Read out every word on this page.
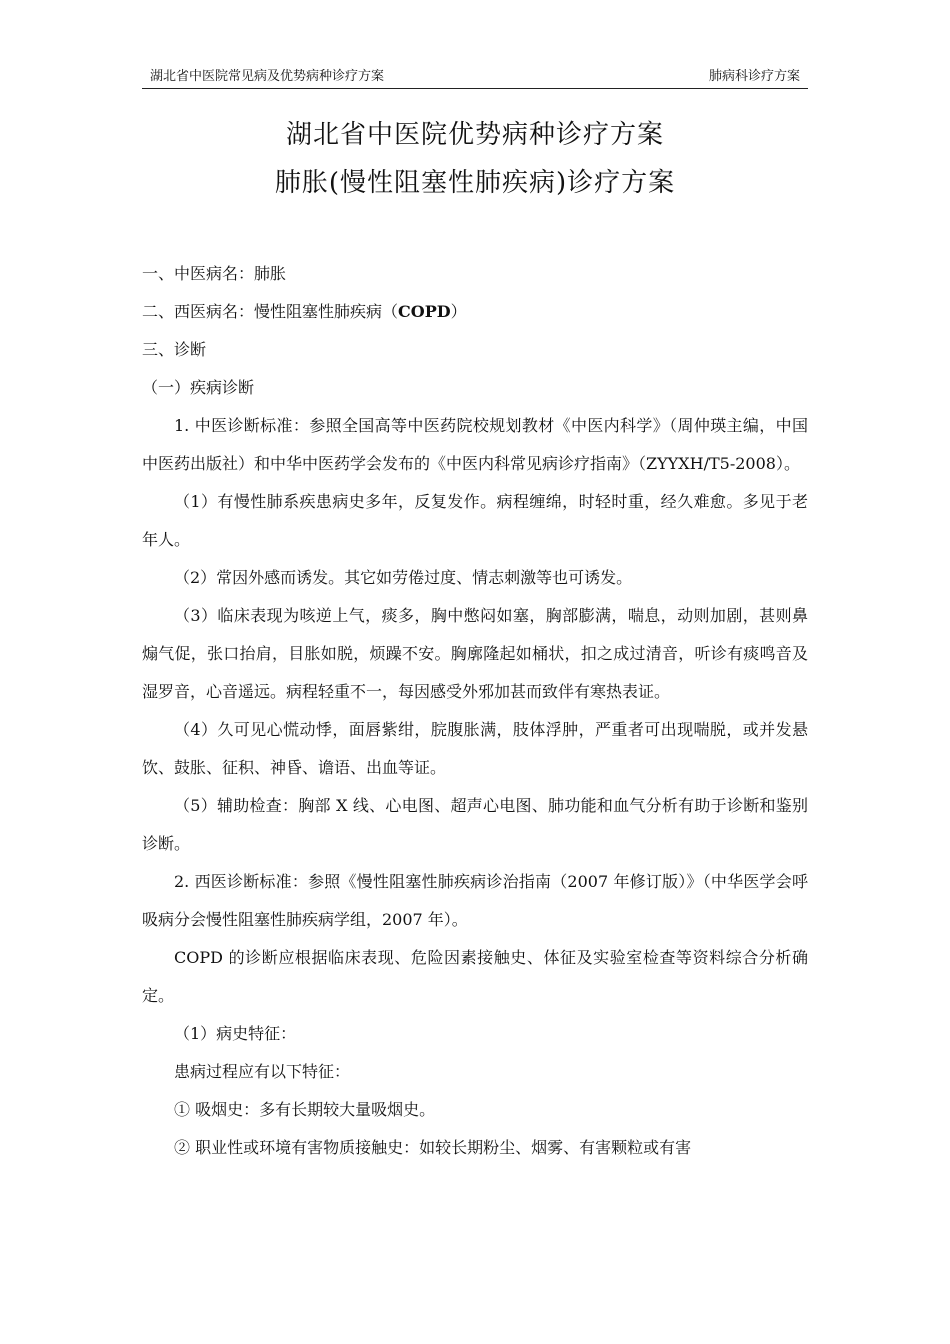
湖北省中医院常见病及优势病种诊疗方案	肺病科诊疗方案
湖北省中医院优势病种诊疗方案
肺胀(慢性阻塞性肺疾病)诊疗方案

一、中医病名：肺胀

二、西医病名：慢性阻塞性肺疾病（COPD）

三、诊断

（一）疾病诊断

1. 中医诊断标准：参照全国高等中医药院校规划教材《中医内科学》（周仲瑛主编，中国中医药出版社）和中华中医药学会发布的《中医内科常见病诊疗指南》（ZYYXH/T5-2008）。

（1）有慢性肺系疾患病史多年，反复发作。病程缠绵，时轻时重，经久难愈。多见于老年人。

（2）常因外感而诱发。其它如劳倦过度、情志刺激等也可诱发。

（3）临床表现为咳逆上气，痰多，胸中憋闷如塞，胸部膨满，喘息，动则加剧，甚则鼻煽气促，张口抬肩，目胀如脱，烦躁不安。胸廓隆起如桶状，扣之成过清音，听诊有痰鸣音及湿罗音，心音遥远。病程轻重不一，每因感受外邪加甚而致伴有寒热表证。

（4）久可见心慌动悸，面唇紫绀，脘腹胀满，肢体浮肿，严重者可出现喘脱，或并发悬饮、鼓胀、征积、神昏、谵语、出血等证。

（5）辅助检查：胸部 X 线、心电图、超声心电图、肺功能和血气分析有助于诊断和鉴别诊断。

2. 西医诊断标准：参照《慢性阻塞性肺疾病诊治指南（2007 年修订版）》（中华医学会呼吸病分会慢性阻塞性肺疾病学组，2007 年）。

COPD 的诊断应根据临床表现、危险因素接触史、体征及实验室检查等资料综合分析确定。

（1）病史特征：

患病过程应有以下特征：

① 吸烟史：多有长期较大量吸烟史。

② 职业性或环境有害物质接触史：如较长期粉尘、烟雾、有害颗粒或有害
